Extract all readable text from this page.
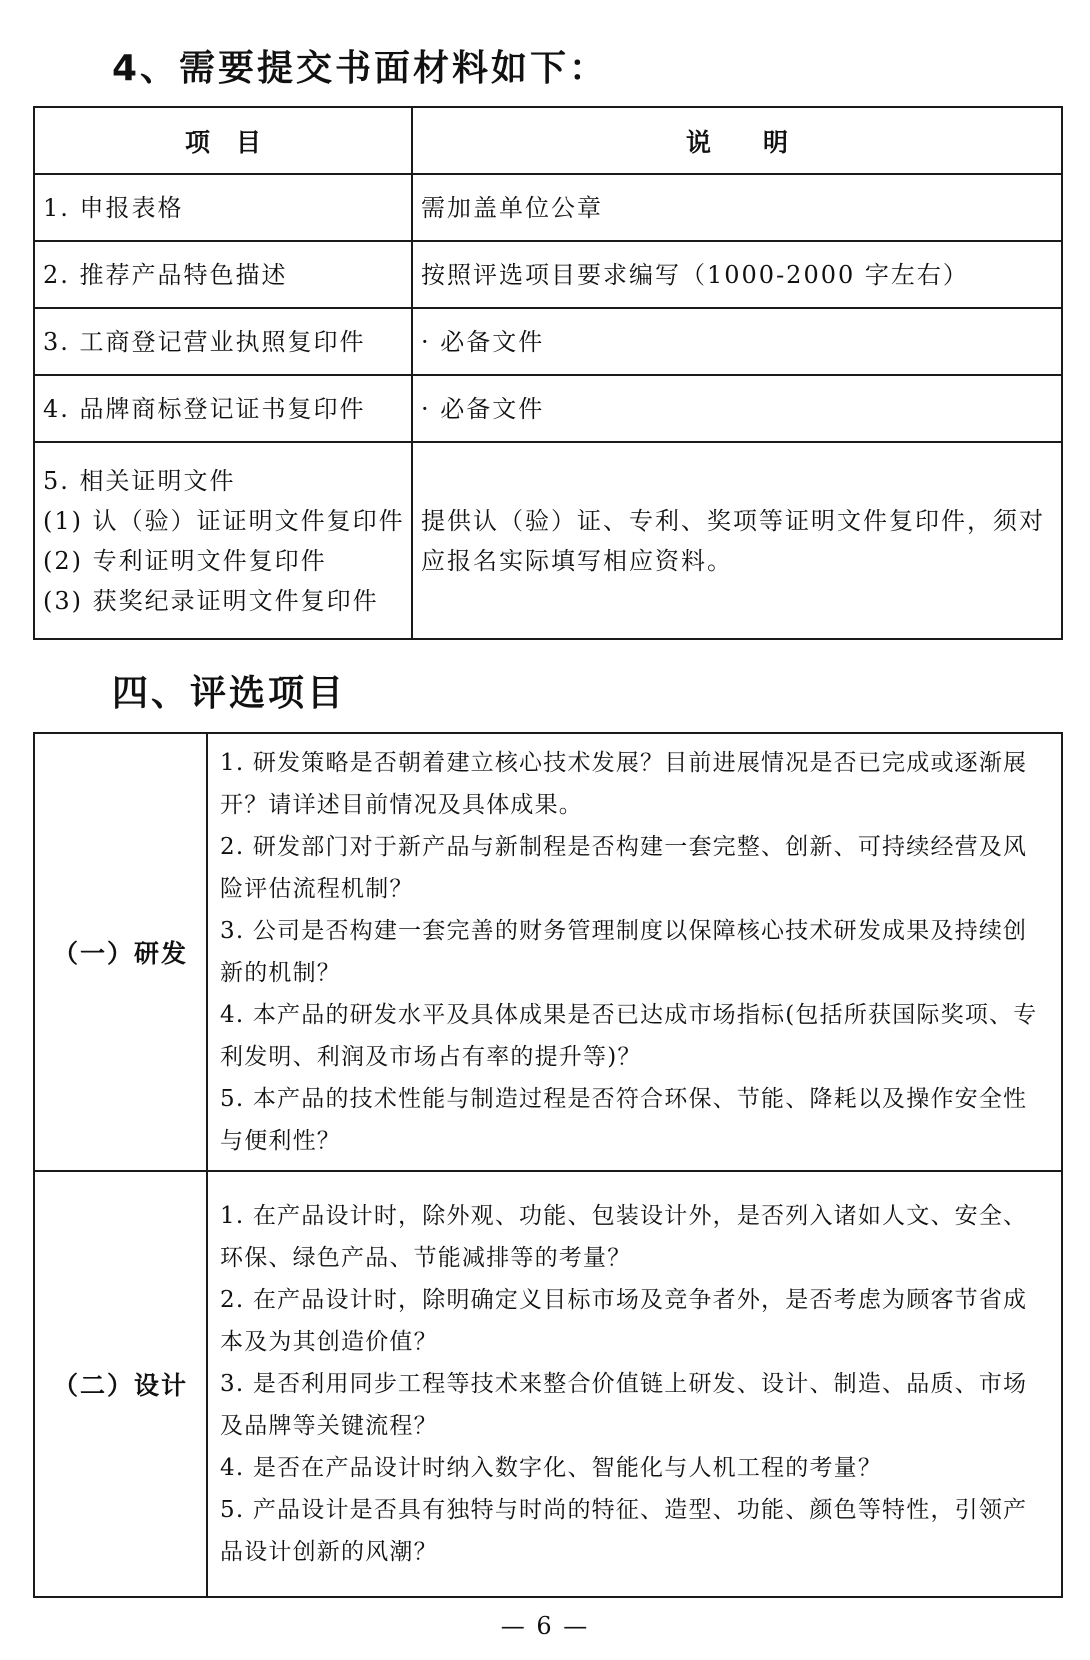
4、需要提交书面材料如下：
项目	说明
1. 申报表格	需加盖单位公章
2. 推荐产品特色描述	按照评选项目要求编写（1000-2000 字左右）
3. 工商登记营业执照复印件	· 必备文件
4. 品牌商标登记证书复印件	· 必备文件

5. 相关证明文件
(1) 认（验）证证明文件复印件
(2) 专利证明文件复印件
(3) 获奖纪录证明文件复印件	提供认（验）证、专利、奖项等证明文件复印件，须对应报名实际填写相应资料。
四、评选项目
（一）研发	1. 研发策略是否朝着建立核心技术发展？目前进展情况是否已完成或逐渐展开？请详述目前情况及具体成果。
2. 研发部门对于新产品与新制程是否构建一套完整、创新、可持续经营及风险评估流程机制？
3. 公司是否构建一套完善的财务管理制度以保障核心技术研发成果及持续创新的机制？
4. 本产品的研发水平及具体成果是否已达成市场指标(包括所获国际奖项、专利发明、利润及市场占有率的提升等)？
5. 本产品的技术性能与制造过程是否符合环保、节能、降耗以及操作安全性与便利性？

（二）设计	1. 在产品设计时，除外观、功能、包装设计外，是否列入诸如人文、安全、环保、绿色产品、节能减排等的考量？
2. 在产品设计时，除明确定义目标市场及竞争者外，是否考虑为顾客节省成本及为其创造价值？
3. 是否利用同步工程等技术来整合价值链上研发、设计、制造、品质、市场及品牌等关键流程？
4. 是否在产品设计时纳入数字化、智能化与人机工程的考量？
5. 产品设计是否具有独特与时尚的特征、造型、功能、颜色等特性，引领产品设计创新的风潮？
— 6 —
